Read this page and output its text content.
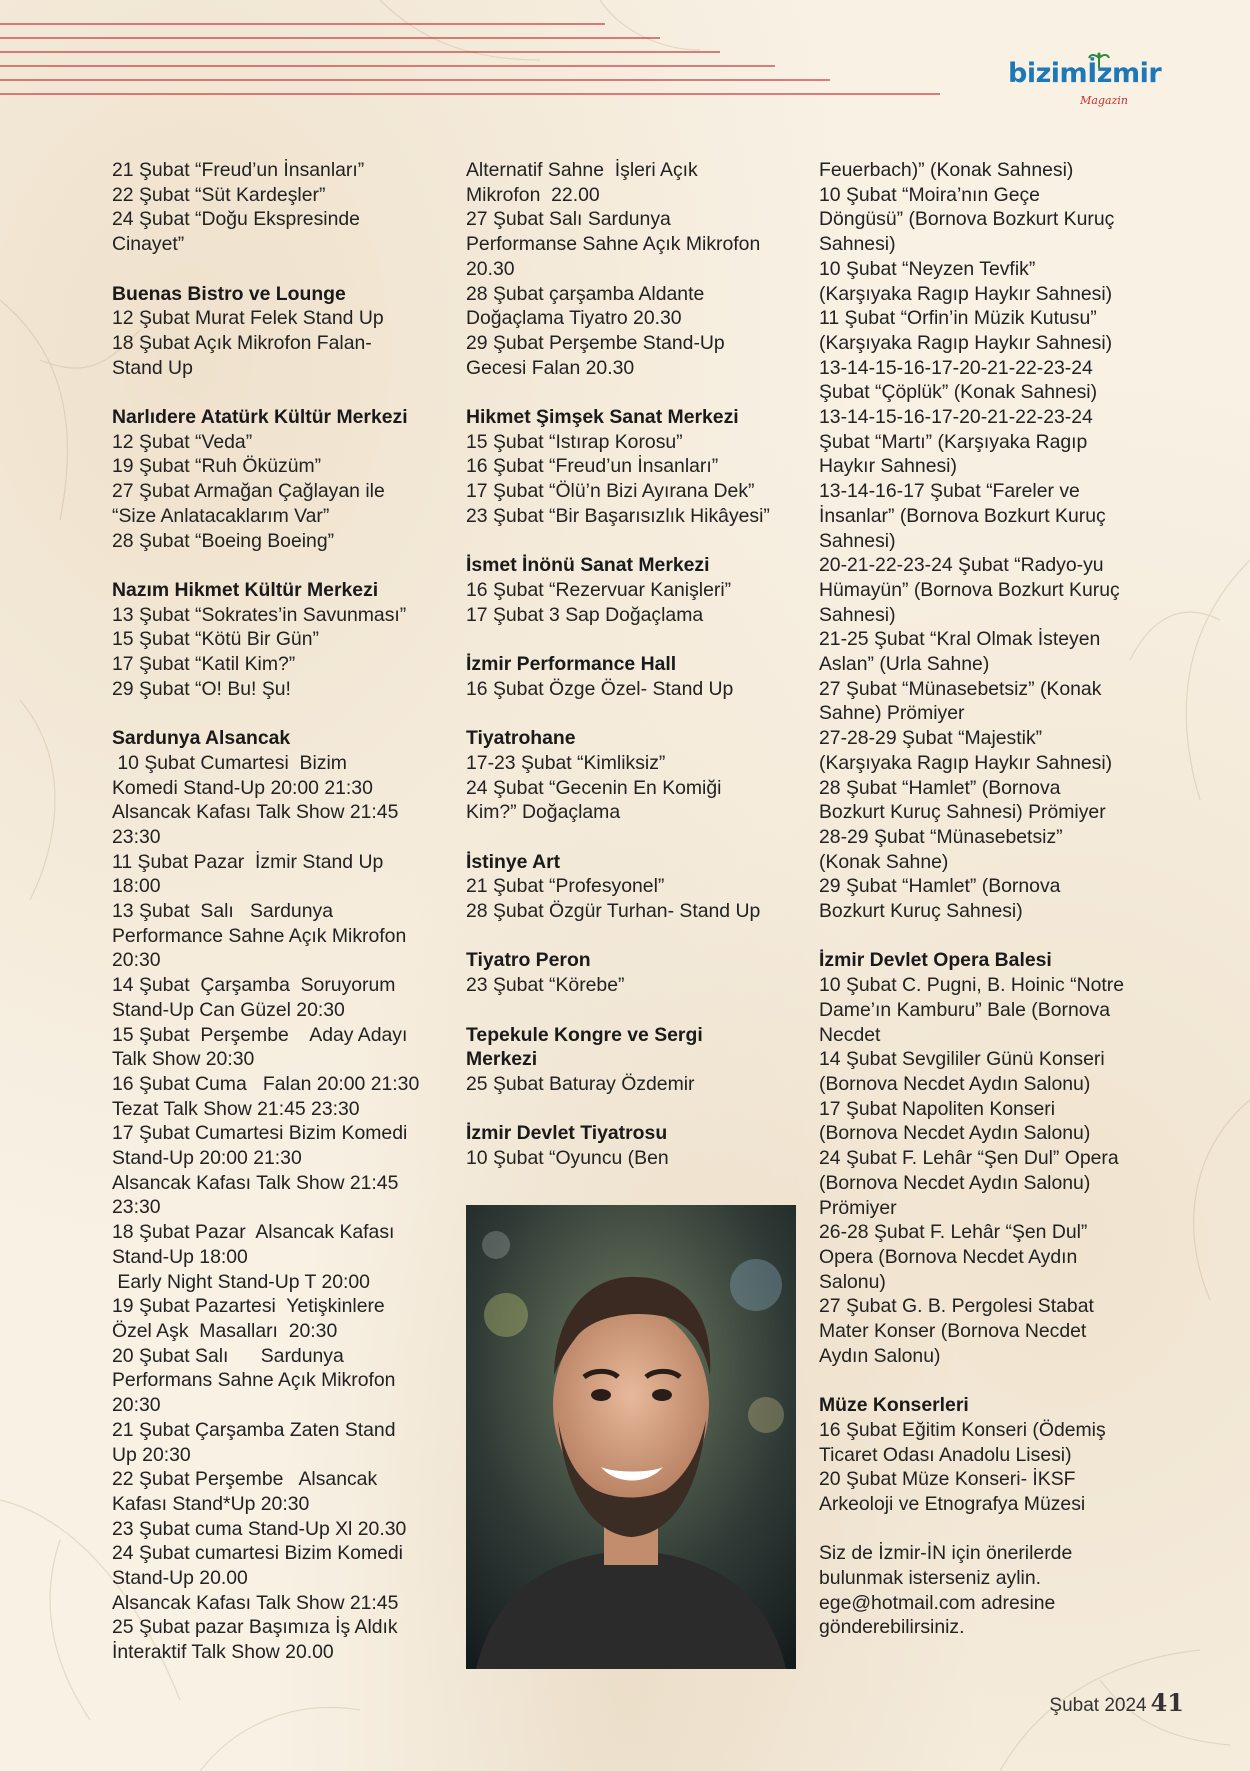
bizimİzmir
Magazin
21 Şubat “Freud’un İnsanları”
22 Şubat “Süt Kardeşler”
24 Şubat “Doğu Ekspresinde
Cinayet”
Buenas Bistro ve Lounge
12 Şubat Murat Felek Stand Up
18 Şubat Açık Mikrofon Falan-
Stand Up
Narlıdere Atatürk Kültür Merkezi
12 Şubat “Veda”
19 Şubat “Ruh Öküzüm”
27 Şubat Armağan Çağlayan ile
“Size Anlatacaklarım Var”
28 Şubat “Boeing Boeing”
Nazım Hikmet Kültür Merkezi
13 Şubat “Sokrates’in Savunması”
15 Şubat “Kötü Bir Gün”
17 Şubat “Katil Kim?”
29 Şubat “O! Bu! Şu!
Sardunya Alsancak
10 Şubat Cumartesi  Bizim
Komedi Stand-Up 20:00 21:30
Alsancak Kafası Talk Show 21:45
23:30
11 Şubat Pazar  İzmir Stand Up
18:00
13 Şubat  Salı   Sardunya
Performance Sahne Açık Mikrofon
20:30
14 Şubat  Çarşamba  Soruyorum
Stand-Up Can Güzel 20:30
15 Şubat  Perşembe    Aday Adayı
Talk Show 20:30
16 Şubat Cuma   Falan 20:00 21:30
Tezat Talk Show 21:45 23:30
17 Şubat Cumartesi Bizim Komedi
Stand-Up 20:00 21:30
Alsancak Kafası Talk Show 21:45
23:30
18 Şubat Pazar  Alsancak Kafası
Stand-Up 18:00
Early Night Stand-Up T 20:00
19 Şubat Pazartesi  Yetişkinlere
Özel Aşk  Masalları  20:30
20 Şubat Salı      Sardunya
Performans Sahne Açık Mikrofon
20:30
21 Şubat Çarşamba Zaten Stand
Up 20:30
22 Şubat Perşembe   Alsancak
Kafası Stand*Up 20:30
23 Şubat cuma Stand-Up Xl 20.30
24 Şubat cumartesi Bizim Komedi
Stand-Up 20.00
Alsancak Kafası Talk Show 21:45
25 Şubat pazar Başımıza İş Aldık
İnteraktif Talk Show 20.00
Alternatif Sahne  İşleri Açık
Mikrofon  22.00
27 Şubat Salı Sardunya
Performanse Sahne Açık Mikrofon
20.30
28 Şubat çarşamba Aldante
Doğaçlama Tiyatro 20.30
29 Şubat Perşembe Stand-Up
Gecesi Falan 20.30
Hikmet Şimşek Sanat Merkezi
15 Şubat “Istırap Korosu”
16 Şubat “Freud’un İnsanları”
17 Şubat “Ölü’n Bizi Ayırana Dek”
23 Şubat “Bir Başarısızlık Hikâyesi”
İsmet İnönü Sanat Merkezi
16 Şubat “Rezervuar Kanişleri”
17 Şubat 3 Sap Doğaçlama
İzmir Performance Hall
16 Şubat Özge Özel- Stand Up
Tiyatrohane
17-23 Şubat “Kimliksiz”
24 Şubat “Gecenin En Komiği
Kim?” Doğaçlama
İstinye Art
21 Şubat “Profesyonel”
28 Şubat Özgür Turhan- Stand Up
Tiyatro Peron
23 Şubat “Körebe”
Tepekule Kongre ve Sergi
Merkezi
25 Şubat Baturay Özdemir
İzmir Devlet Tiyatrosu
10 Şubat “Oyuncu (Ben
Feuerbach)” (Konak Sahnesi)
10 Şubat “Moira’nın Geçe
Döngüsü” (Bornova Bozkurt Kuruç
Sahnesi)
10 Şubat “Neyzen Tevfik”
(Karşıyaka Ragıp Haykır Sahnesi)
11 Şubat “Orfin’in Müzik Kutusu”
(Karşıyaka Ragıp Haykır Sahnesi)
13-14-15-16-17-20-21-22-23-24
Şubat “Çöplük” (Konak Sahnesi)
13-14-15-16-17-20-21-22-23-24
Şubat “Martı” (Karşıyaka Ragıp
Haykır Sahnesi)
13-14-16-17 Şubat “Fareler ve
İnsanlar” (Bornova Bozkurt Kuruç
Sahnesi)
20-21-22-23-24 Şubat “Radyo-yu
Hümayün” (Bornova Bozkurt Kuruç
Sahnesi)
21-25 Şubat “Kral Olmak İsteyen
Aslan” (Urla Sahne)
27 Şubat “Münasebetsiz” (Konak
Sahne) Prömiyer
27-28-29 Şubat “Majestik”
(Karşıyaka Ragıp Haykır Sahnesi)
28 Şubat “Hamlet” (Bornova
Bozkurt Kuruç Sahnesi) Prömiyer
28-29 Şubat “Münasebetsiz”
(Konak Sahne)
29 Şubat “Hamlet” (Bornova
Bozkurt Kuruç Sahnesi)
İzmir Devlet Opera Balesi
10 Şubat C. Pugni, B. Hoinic “Notre
Dame’ın Kamburu” Bale (Bornova
Necdet
14 Şubat Sevgililer Günü Konseri
(Bornova Necdet Aydın Salonu)
17 Şubat Napoliten Konseri
(Bornova Necdet Aydın Salonu)
24 Şubat F. Lehâr “Şen Dul” Opera
(Bornova Necdet Aydın Salonu)
Prömiyer
26-28 Şubat F. Lehâr “Şen Dul”
Opera (Bornova Necdet Aydın
Salonu)
27 Şubat G. B. Pergolesi Stabat
Mater Konser (Bornova Necdet
Aydın Salonu)
Müze Konserleri
16 Şubat Eğitim Konseri (Ödemiş
Ticaret Odası Anadolu Lisesi)
20 Şubat Müze Konseri- İKSF
Arkeoloji ve Etnografya Müzesi
Siz de İzmir-İN için önerilerde
bulunmak isterseniz aylin.
ege@hotmail.com adresine
gönderebilirsiniz.
Şubat 2024 41
